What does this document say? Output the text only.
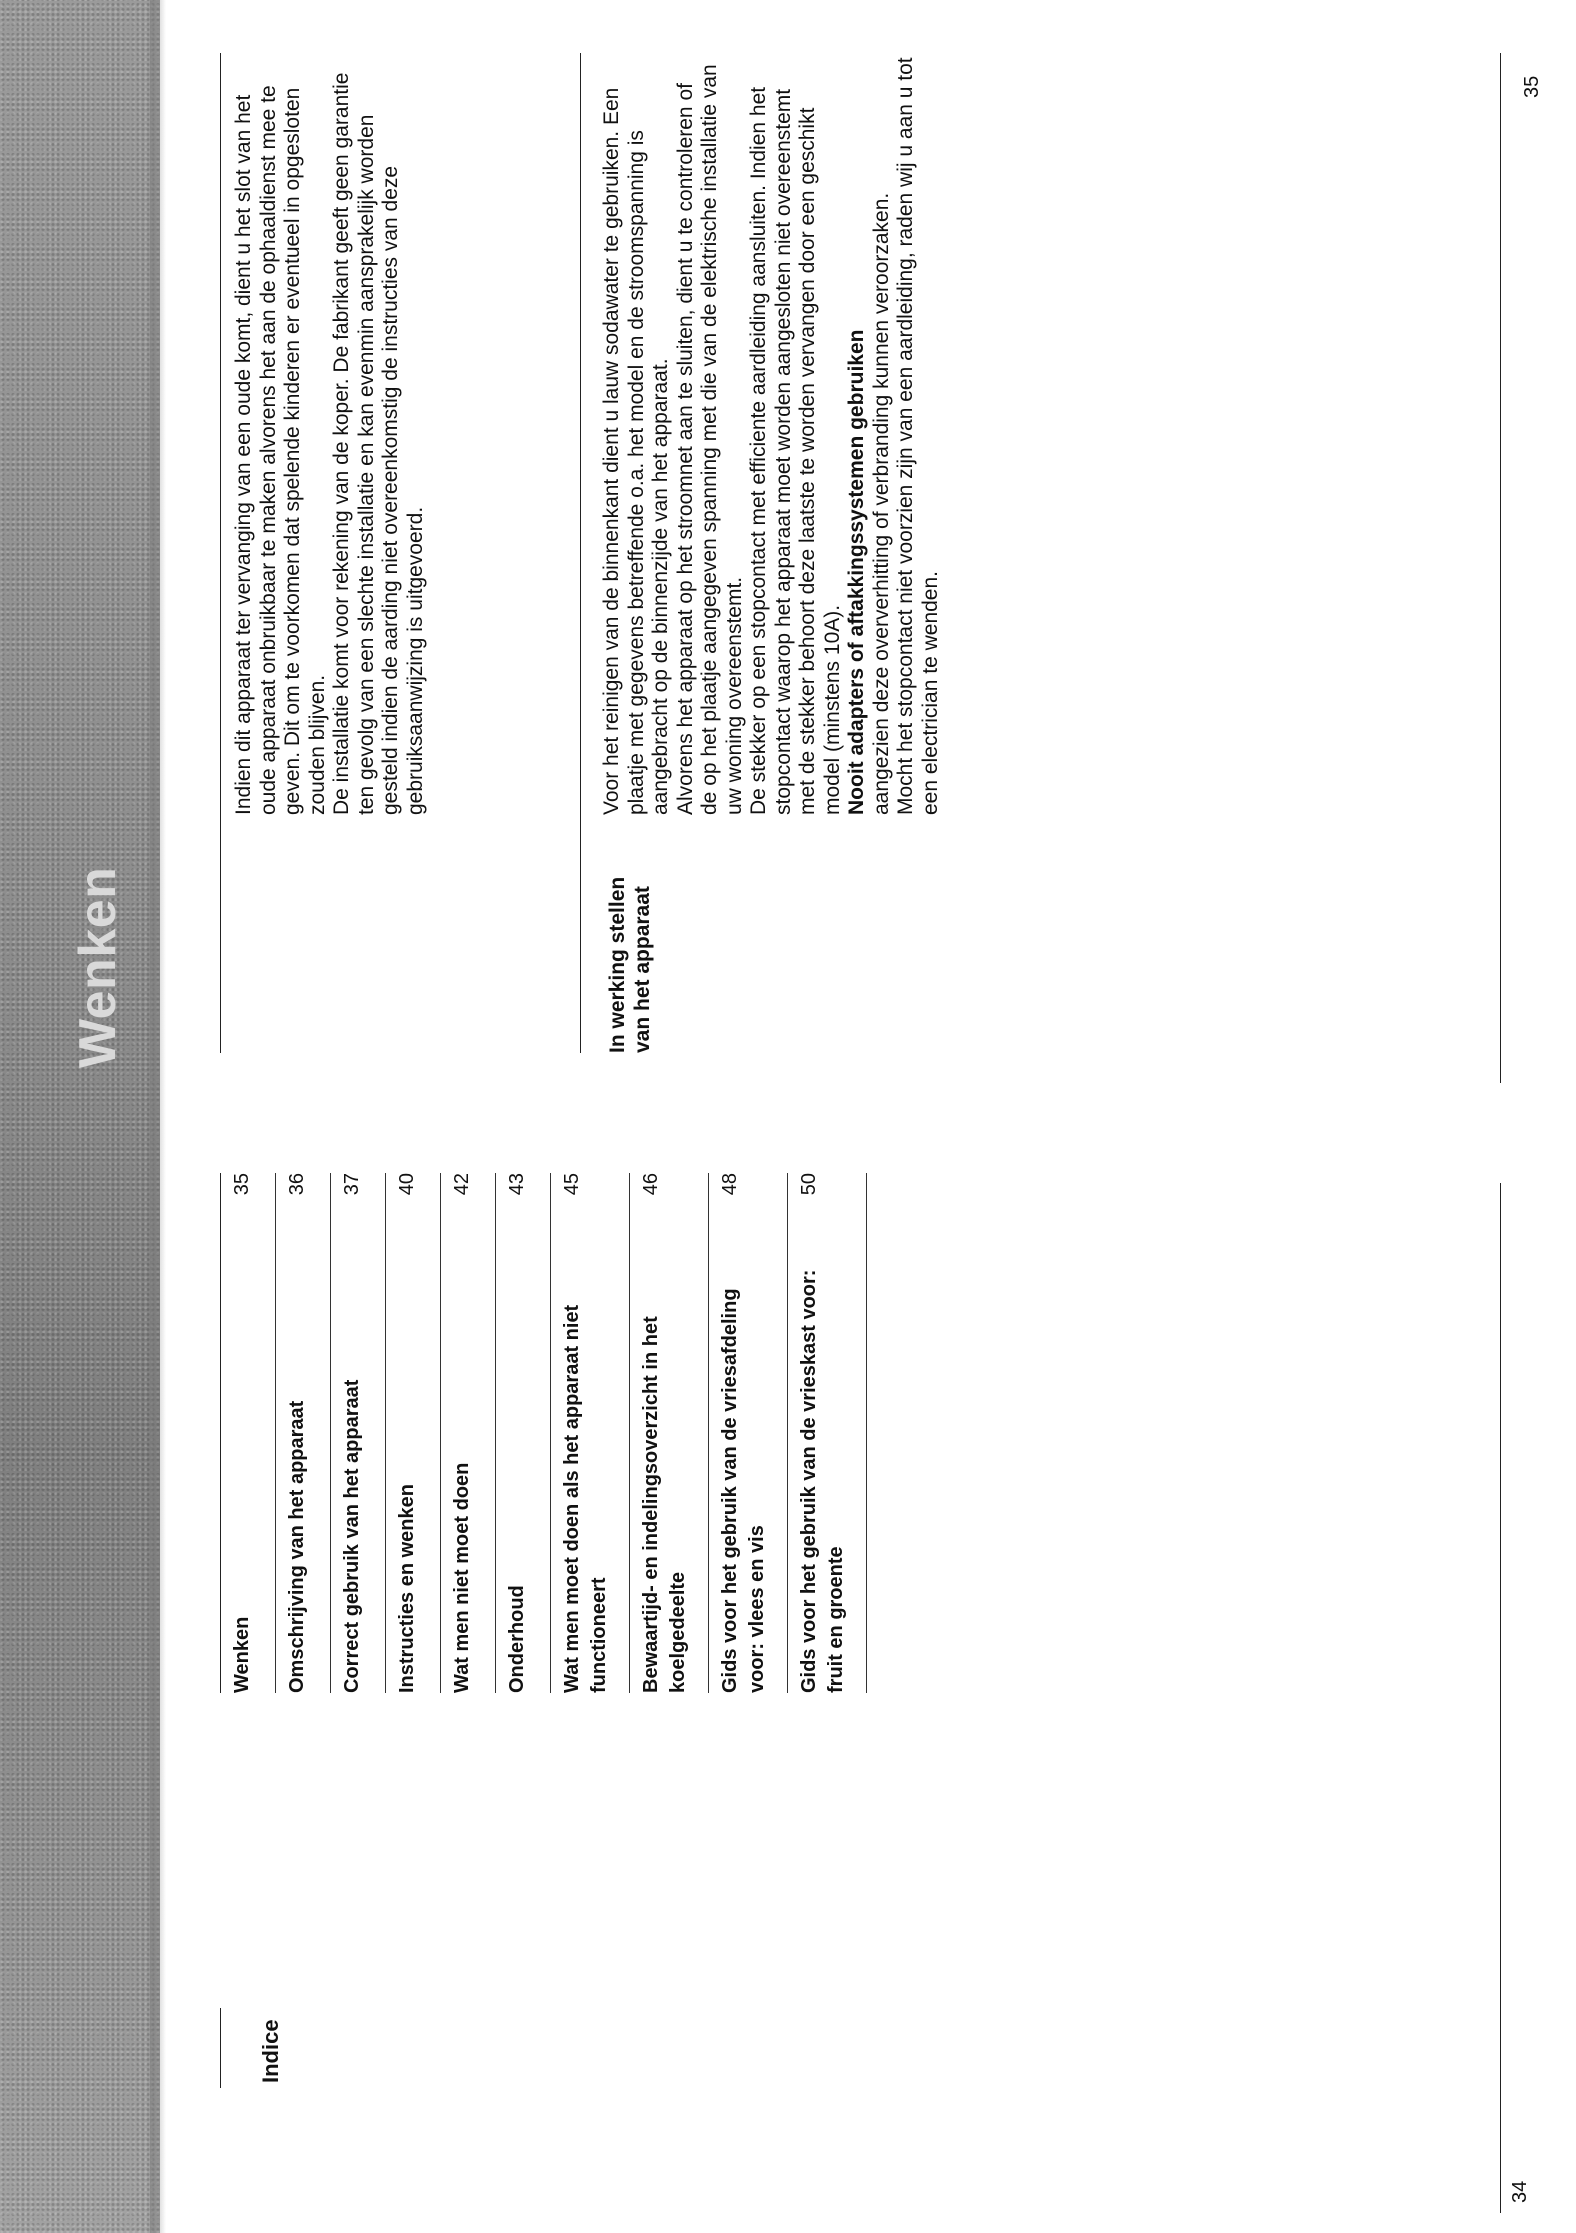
Wenken
Indice
Wenken
35
Omschrijving van het apparaat
36
Correct gebruik van het apparaat
37
Instructies en wenken
40
Wat men niet moet doen
42
Onderhoud
43
Wat men moet doen als het apparaat niet functioneert
45
Bewaartijd- en indelingsoverzicht in het koelgedeelte
46
Gids voor het gebruik van de vriesafdeling voor: vlees en vis
48
Gids voor het gebruik van de vrieskast voor: fruit en groente
50
34
Indien dit apparaat ter vervanging van een oude komt, dient u het slot van het oude apparaat onbruikbaar te maken alvorens het aan de ophaaldienst mee te geven. Dit om te voorkomen dat spelende kinderen er eventueel in opgesloten zouden blijven.
De installatie komt voor rekening van de koper. De fabrikant geeft geen garantie ten gevolg van een slechte installatie en kan evenmin aansprakelijk worden gesteld indien de aarding niet overeenkomstig de instructies van deze gebruiksaanwijzing is uitgevoerd.
In werking stellen van het apparaat
Voor het reinigen van de binnenkant dient u lauw sodawater te gebruiken. Een plaatje met gegevens betreffende o.a. het model en de stroomspanning is aangebracht op de binnenzijde van het apparaat.
Alvorens het apparaat op het stroomnet aan te sluiten, dient u te controleren of de op het plaatje aangegeven spanning met die van de elektrische installatie van uw woning overeenstemt.
De stekker op een stopcontact met efficiente aardleiding aansluiten. Indien het stopcontact waarop het apparaat moet worden aangesloten niet overeenstemt met de stekker behoort deze laatste te worden vervangen door een geschikt model (minstens 10A).
Nooit adapters of aftakkingssystemen gebruiken
aangezien deze oververhitting of verbranding kunnen veroorzaken.
Mocht het stopcontact niet voorzien zijn van een aardleiding, raden wij u aan u tot een electrician te wenden.
35
